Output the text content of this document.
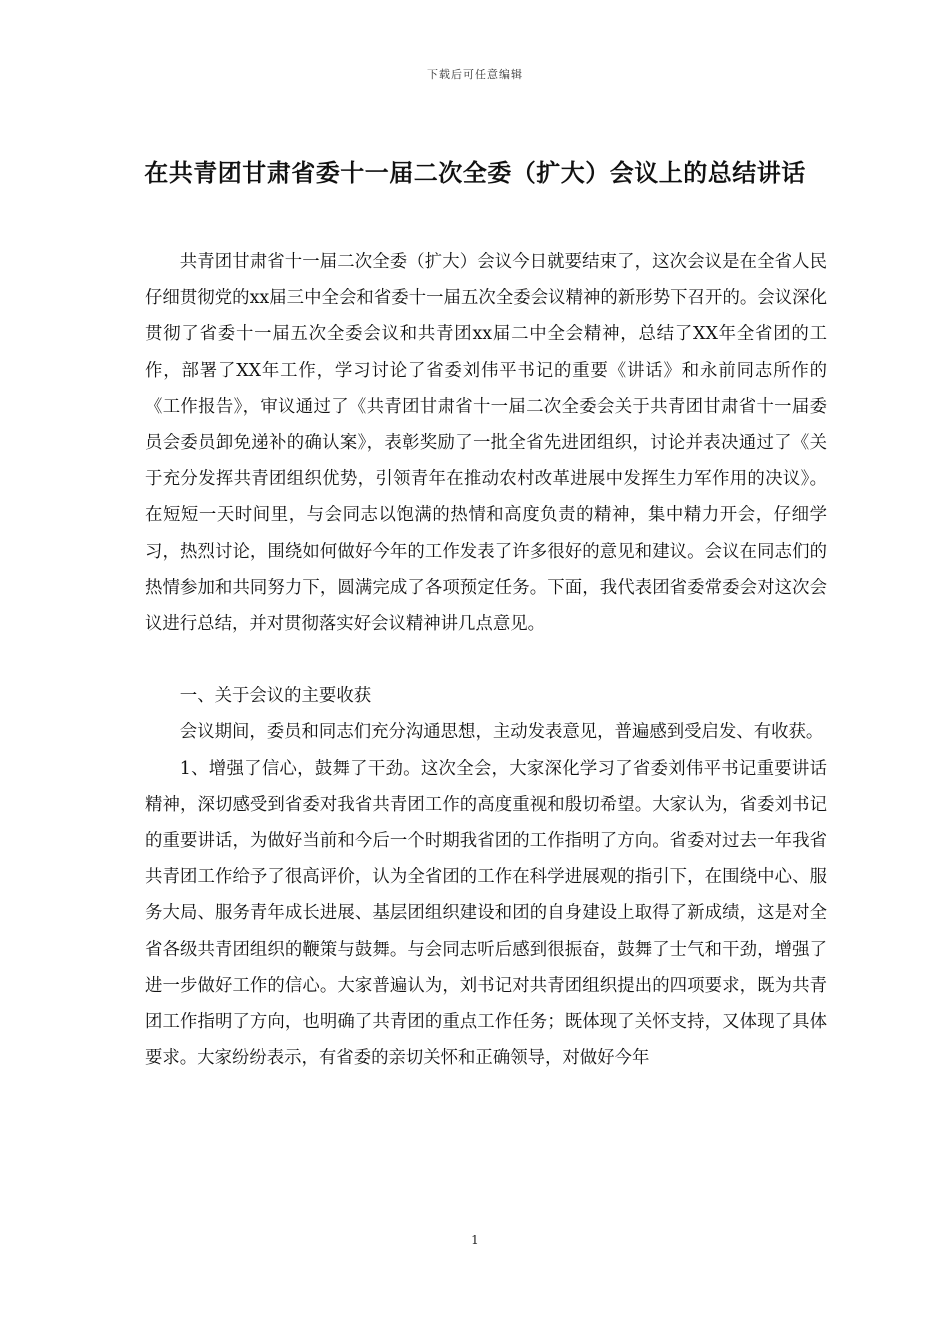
下载后可任意编辑
在共青团甘肃省委十一届二次全委（扩大）会议上的总结讲话

共青团甘肃省十一届二次全委（扩大）会议今日就要结束了，这次会议是在全省人民仔细贯彻党的xx届三中全会和省委十一届五次全委会议精神的新形势下召开的。会议深化贯彻了省委十一届五次全委会议和共青团xx届二中全会精神，总结了XX年全省团的工作，部署了XX年工作，学习讨论了省委刘伟平书记的重要《讲话》和永前同志所作的《工作报告》，审议通过了《共青团甘肃省十一届二次全委会关于共青团甘肃省十一届委员会委员卸免递补的确认案》，表彰奖励了一批全省先进团组织，讨论并表决通过了《关于充分发挥共青团组织优势，引领青年在推动农村改革进展中发挥生力军作用的决议》。在短短一天时间里，与会同志以饱满的热情和高度负责的精神，集中精力开会，仔细学习，热烈讨论，围绕如何做好今年的工作发表了许多很好的意见和建议。会议在同志们的热情参加和共同努力下，圆满完成了各项预定任务。下面，我代表团省委常委会对这次会议进行总结，并对贯彻落实好会议精神讲几点意见。

一、关于会议的主要收获

会议期间，委员和同志们充分沟通思想，主动发表意见，普遍感到受启发、有收获。

1、增强了信心，鼓舞了干劲。这次全会，大家深化学习了省委刘伟平书记重要讲话精神，深切感受到省委对我省共青团工作的高度重视和殷切希望。大家认为，省委刘书记的重要讲话，为做好当前和今后一个时期我省团的工作指明了方向。省委对过去一年我省共青团工作给予了很高评价，认为全省团的工作在科学进展观的指引下，在围绕中心、服务大局、服务青年成长进展、基层团组织建设和团的自身建设上取得了新成绩，这是对全省各级共青团组织的鞭策与鼓舞。与会同志听后感到很振奋，鼓舞了士气和干劲，增强了进一步做好工作的信心。大家普遍认为，刘书记对共青团组织提出的四项要求，既为共青团工作指明了方向，也明确了共青团的重点工作任务；既体现了关怀支持，又体现了具体要求。大家纷纷表示，有省委的亲切关怀和正确领导，对做好今年

1
